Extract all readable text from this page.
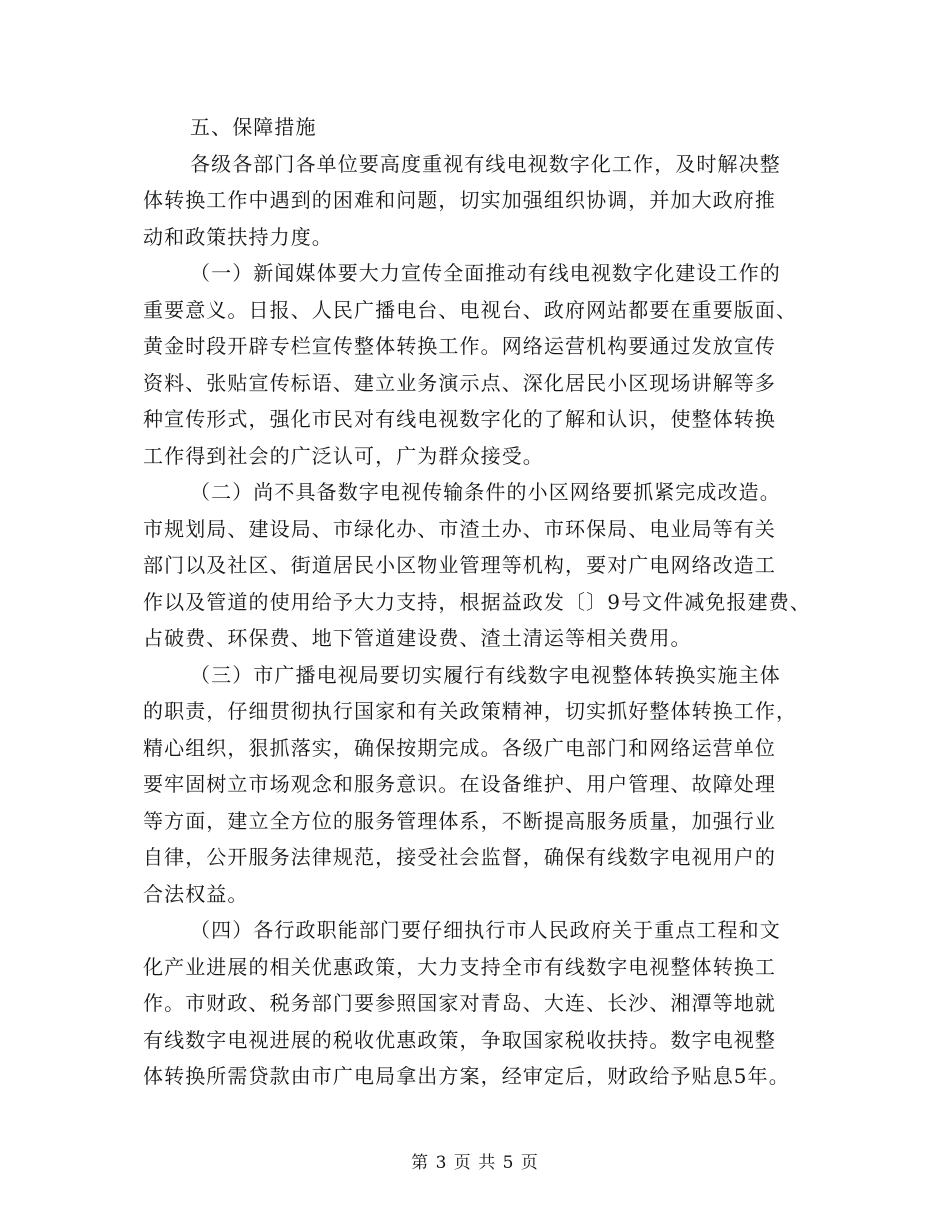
五、保障措施
各级各部门各单位要高度重视有线电视数字化工作，及时解决整
体转换工作中遇到的困难和问题，切实加强组织协调，并加大政府推
动和政策扶持力度。
（一）新闻媒体要大力宣传全面推动有线电视数字化建设工作的
重要意义。日报、人民广播电台、电视台、政府网站都要在重要版面、
黄金时段开辟专栏宣传整体转换工作。网络运营机构要通过发放宣传
资料、张贴宣传标语、建立业务演示点、深化居民小区现场讲解等多
种宣传形式，强化市民对有线电视数字化的了解和认识，使整体转换
工作得到社会的广泛认可，广为群众接受。
（二）尚不具备数字电视传输条件的小区网络要抓紧完成改造。
市规划局、建设局、市绿化办、市渣土办、市环保局、电业局等有关
部门以及社区、街道居民小区物业管理等机构，要对广电网络改造工
作以及管道的使用给予大力支持，根据益政发〔〕9号文件减免报建费、
占破费、环保费、地下管道建设费、渣土清运等相关费用。
（三）市广播电视局要切实履行有线数字电视整体转换实施主体
的职责，仔细贯彻执行国家和有关政策精神，切实抓好整体转换工作，
精心组织，狠抓落实，确保按期完成。各级广电部门和网络运营单位
要牢固树立市场观念和服务意识。在设备维护、用户管理、故障处理
等方面，建立全方位的服务管理体系，不断提高服务质量，加强行业
自律，公开服务法律规范，接受社会监督，确保有线数字电视用户的
合法权益。
（四）各行政职能部门要仔细执行市人民政府关于重点工程和文
化产业进展的相关优惠政策，大力支持全市有线数字电视整体转换工
作。市财政、税务部门要参照国家对青岛、大连、长沙、湘潭等地就
有线数字电视进展的税收优惠政策，争取国家税收扶持。数字电视整
体转换所需贷款由市广电局拿出方案，经审定后，财政给予贴息5年。
第 3 页 共 5 页
